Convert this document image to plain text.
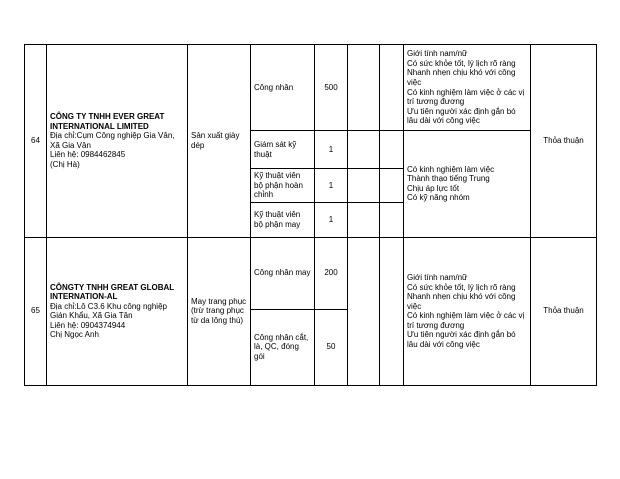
64	CÔNG TY TNHH EVER GREAT INTERNATIONAL LIMITED
Địa chỉ:Cụm Công nghiệp Gia Vân, Xã Gia Vân
Liên hệ: 0984462845
(Chị Hà)	Sản xuất giày dép	Công nhân	500			Giới tính nam/nữ
Có sức khỏe tốt, lý lịch rõ ràng
Nhanh nhẹn chịu khó với công việc
Có kinh nghiệm làm việc ở các vị trí tương đương
Ưu tiên người xác định gắn bó lâu dài với công việc	Thỏa thuận
			Giám sát kỹ thuật	1			Có kinh nghiệm làm việc
Thành thạo tiếng Trung
Chịu áp lực tốt
Có kỹ năng nhóm	

			Kỹ thuật viên bộ phận hoàn chỉnh	1				
			Kỹ thuật viên bộ phận may	1				
65	CÔNGTY TNHH GREAT GLOBAL INTERNATION-AL
Địa chỉ:Lô C3.6 Khu công nghiệp Gián Khẩu, Xã Gia Tân
Liên hệ: 0904374944
Chị Ngọc Anh	May trang phục (trừ trang phục từ da lông thú)	Công nhân may	200			Giới tính nam/nữ
Có sức khỏe tốt, lý lịch rõ ràng
Nhanh nhẹn chịu khó với công việc
Có kinh nghiệm làm việc ở các vị trí tương đương
Ưu tiên người xác định gắn bó lâu dài với công việc	Thỏa thuận
			Công nhân cắt, là, QC, đóng gói	50				
